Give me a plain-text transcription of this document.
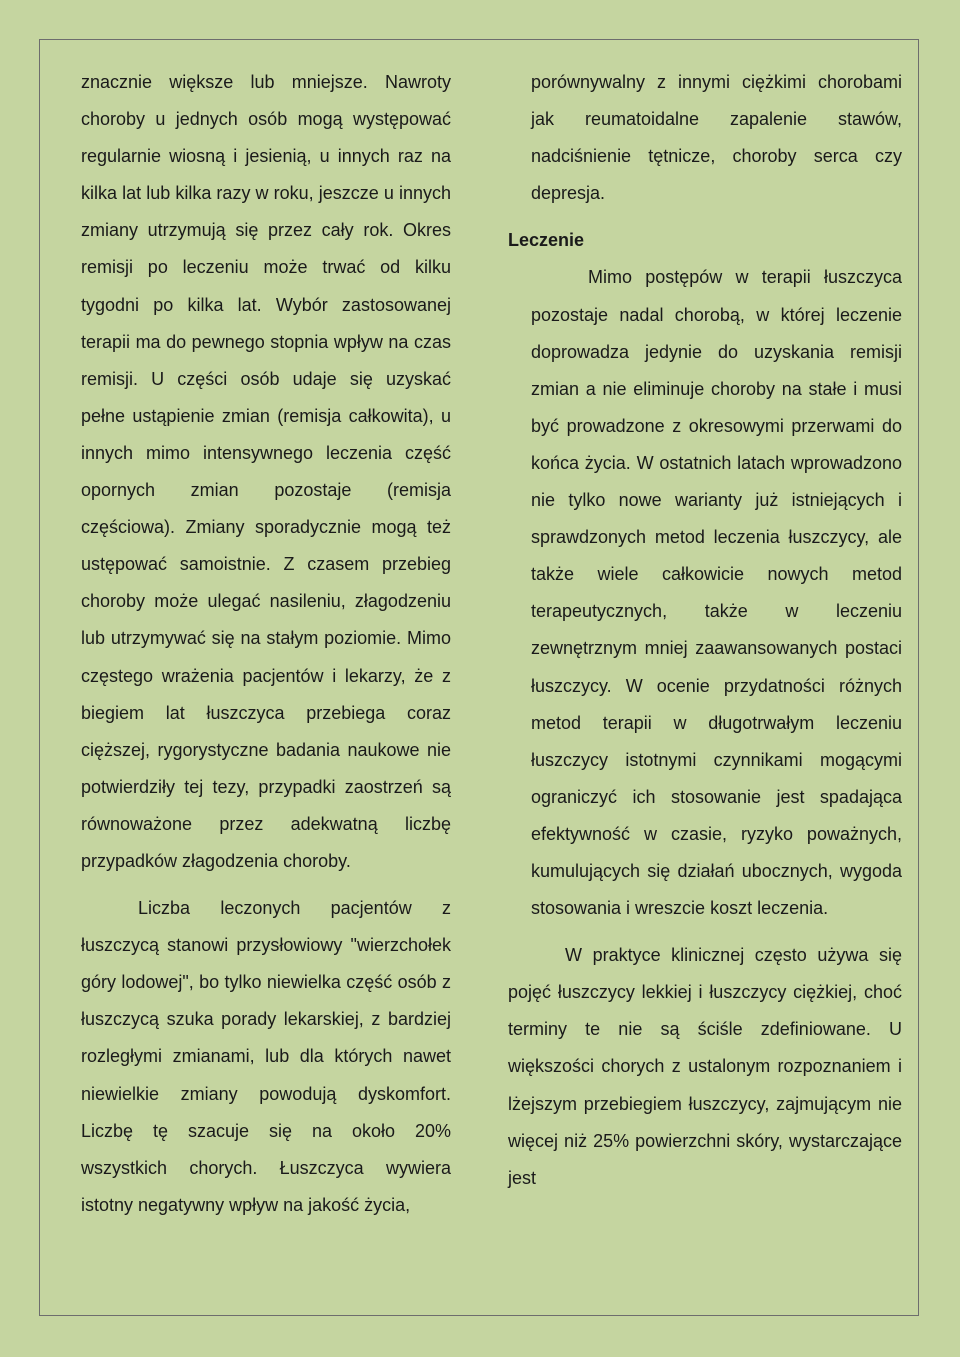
znacznie większe lub mniejsze. Nawroty choroby u jednych osób mogą występować regularnie wiosną i jesienią, u innych raz na kilka lat lub kilka razy w roku, jeszcze u innych zmiany utrzymują się przez cały rok. Okres remisji po leczeniu może trwać od kilku tygodni po kilka lat. Wybór zastosowanej terapii ma do pewnego stopnia wpływ na czas remisji. U części osób udaje się uzyskać pełne ustąpienie zmian (remisja całkowita), u innych mimo intensywnego leczenia część opornych zmian pozostaje (remisja częściowa). Zmiany sporadycznie mogą też ustępować samoistnie. Z czasem przebieg choroby może ulegać nasileniu, złagodzeniu lub utrzymywać się na stałym poziomie. Mimo częstego wrażenia pacjentów i lekarzy, że z biegiem lat łuszczyca przebiega coraz cięższej, rygorystyczne badania naukowe nie potwierdziły tej tezy, przypadki zaostrzeń są równoważone przez adekwatną liczbę przypadków złagodzenia choroby.

Liczba leczonych pacjentów z łuszczycą stanowi przysłowiowy "wierzchołek góry lodowej", bo tylko niewielka część osób z łuszczycą szuka porady lekarskiej, z bardziej rozległymi zmianami, lub dla których nawet niewielkie zmiany powodują dyskomfort. Liczbę tę szacuje się na około 20% wszystkich chorych. Łuszczyca wywiera istotny negatywny wpływ na jakość życia,

porównywalny z innymi ciężkimi chorobami jak reumatoidalne zapalenie stawów, nadciśnienie tętnicze, choroby serca czy depresja.

Leczenie

Mimo postępów w terapii łuszczyca pozostaje nadal chorobą, w której leczenie doprowadza jedynie do uzyskania remisji zmian a nie eliminuje choroby na stałe i musi być prowadzone z okresowymi przerwami do końca życia. W ostatnich latach wprowadzono nie tylko nowe warianty już istniejących i sprawdzonych metod leczenia łuszczycy, ale także wiele całkowicie nowych metod terapeutycznych, także w leczeniu zewnętrznym mniej zaawansowanych postaci łuszczycy. W ocenie przydatności różnych metod terapii w długotrwałym leczeniu łuszczycy istotnymi czynnikami mogącymi ograniczyć ich stosowanie jest spadająca efektywność w czasie, ryzyko poważnych, kumulujących się działań ubocznych, wygoda stosowania i wreszcie koszt leczenia.

W praktyce klinicznej często używa się pojęć łuszczycy lekkiej i łuszczycy ciężkiej, choć terminy te nie są ściśle zdefiniowane. U większości chorych z ustalonym rozpoznaniem i lżejszym przebiegiem łuszczycy, zajmującym nie więcej niż 25% powierzchni skóry, wystarczające jest
